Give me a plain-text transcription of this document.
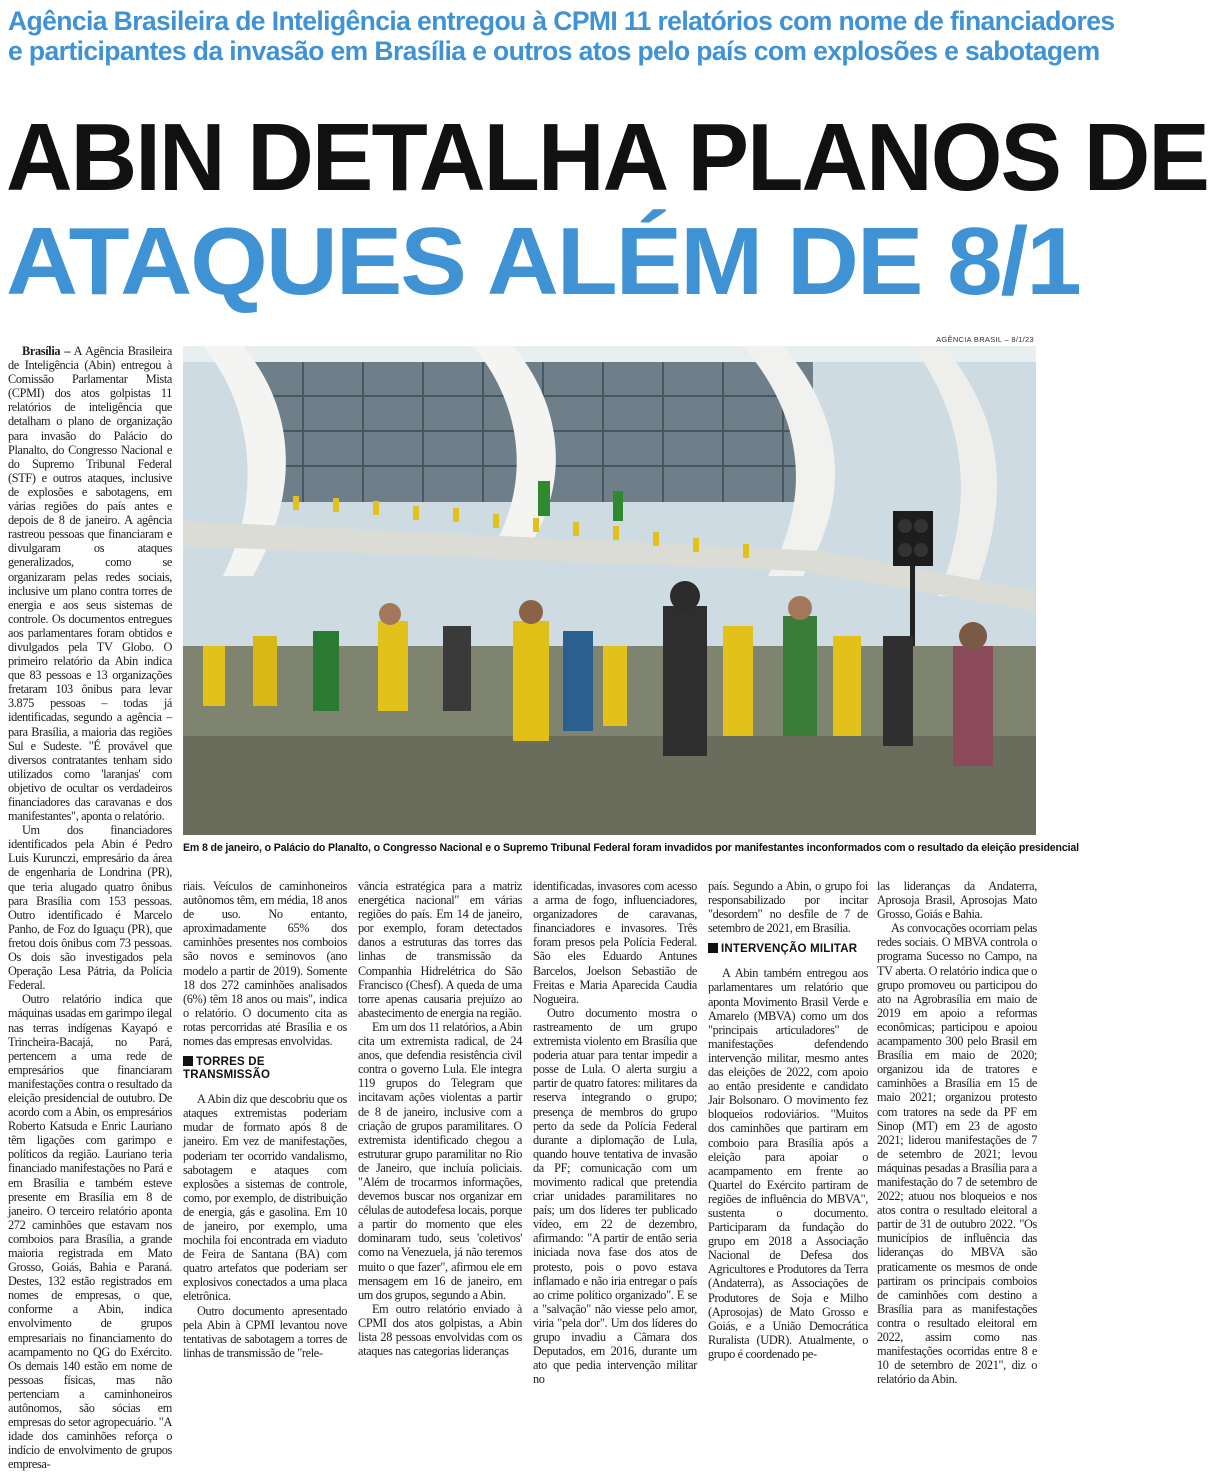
Agência Brasileira de Inteligência entregou à CPMI 11 relatórios com nome de financiadores
e participantes da invasão em Brasília e outros atos pelo país com explosões e sabotagem
ABIN DETALHA PLANOS DE
ATAQUES ALÉM DE 8/1
AGÊNCIA BRASIL – 8/1/23
Em 8 de janeiro, o Palácio do Planalto, o Congresso Nacional e o Supremo Tribunal Federal foram invadidos por manifestantes inconformados com o resultado da eleição presidencial

Brasília – A Agência Brasileira de Inteligência (Abin) entregou à Comissão Parlamentar Mista (CPMI) dos atos golpistas 11 relatórios de inteligência que detalham o plano de organização para invasão do Palácio do Planalto, do Congresso Nacional e do Supremo Tribunal Federal (STF) e outros ataques, inclusive de explosões e sabotagens, em várias regiões do país antes e depois de 8 de janeiro. A agência rastreou pessoas que financiaram e divulgaram os ataques generalizados, como se organizaram pelas redes sociais, inclusive um plano contra torres de energia e aos seus sistemas de controle. Os documentos entregues aos parlamentares foram obtidos e divulgados pela TV Globo. O primeiro relatório da Abin indica que 83 pessoas e 13 organizações fretaram 103 ônibus para levar 3.875 pessoas – todas já identificadas, segundo a agência – para Brasília, a maioria das regiões Sul e Sudeste. "É provável que diversos contratantes tenham sido utilizados como 'laranjas' com objetivo de ocultar os verdadeiros financiadores das caravanas e dos manifestantes", aponta o relatório.

Um dos financiadores identificados pela Abin é Pedro Luis Kurunczi, empresário da área de engenharia de Londrina (PR), que teria alugado quatro ônibus para Brasília com 153 pessoas. Outro identificado é Marcelo Panho, de Foz do Iguaçu (PR), que fretou dois ônibus com 73 pessoas. Os dois são investigados pela Operação Lesa Pátria, da Polícia Federal.

Outro relatório indica que máquinas usadas em garimpo ilegal nas terras indígenas Kayapó e Trincheira-Bacajá, no Pará, pertencem a uma rede de empresários que financiaram manifestações contra o resultado da eleição presidencial de outubro. De acordo com a Abin, os empresários Roberto Katsuda e Enric Lauriano têm ligações com garimpo e políticos da região. Lauriano teria financiado manifestações no Pará e em Brasília e também esteve presente em Brasília em 8 de janeiro. O terceiro relatório aponta 272 caminhões que estavam nos comboios para Brasília, a grande maioria registrada em Mato Grosso, Goiás, Bahia e Paraná. Destes, 132 estão registrados em nomes de empresas, o que, conforme a Abin, indica envolvimento de grupos empresariais no financiamento do acampamento no QG do Exército. Os demais 140 estão em nome de pessoas físicas, mas não pertenciam a caminhoneiros autônomos, são sócias em empresas do setor agropecuário. "A idade dos caminhões reforça o indício de envolvimento de grupos empresa-

riais. Veículos de caminhoneiros autônomos têm, em média, 18 anos de uso. No entanto, aproximadamente 65% dos caminhões presentes nos comboios são novos e seminovos (ano modelo a partir de 2019). Somente 18 dos 272 caminhões analisados (6%) têm 18 anos ou mais", indica o relatório. O documento cita as rotas percorridas até Brasília e os nomes das empresas envolvidas.

TORRES DE TRANSMISSÃO

A Abin diz que descobriu que os ataques extremistas poderiam mudar de formato após 8 de janeiro. Em vez de manifestações, poderiam ter ocorrido vandalismo, sabotagem e ataques com explosões a sistemas de controle, como, por exemplo, de distribuição de energia, gás e gasolina. Em 10 de janeiro, por exemplo, uma mochila foi encontrada em viaduto de Feira de Santana (BA) com quatro artefatos que poderiam ser explosivos conectados a uma placa eletrônica.

Outro documento apresentado pela Abin à CPMI levantou nove tentativas de sabotagem a torres de linhas de transmissão de "rele-

vância estratégica para a matriz energética nacional" em várias regiões do país. Em 14 de janeiro, por exemplo, foram detectados danos a estruturas das torres das linhas de transmissão da Companhia Hidrelétrica do São Francisco (Chesf). A queda de uma torre apenas causaria prejuízo ao abastecimento de energia na região.

Em um dos 11 relatórios, a Abin cita um extremista radical, de 24 anos, que defendia resistência civil contra o governo Lula. Ele integra 119 grupos do Telegram que incitavam ações violentas a partir de 8 de janeiro, inclusive com a criação de grupos paramilitares. O extremista identificado chegou a estruturar grupo paramilitar no Rio de Janeiro, que incluía policiais. "Além de trocarmos informações, devemos buscar nos organizar em células de autodefesa locais, porque a partir do momento que eles dominaram tudo, seus 'coletivos' como na Venezuela, já não teremos muito o que fazer", afirmou ele em mensagem em 16 de janeiro, em um dos grupos, segundo a Abin.

Em outro relatório enviado à CPMI dos atos golpistas, a Abin lista 28 pessoas envolvidas com os ataques nas categorias lideranças

identificadas, invasores com acesso a arma de fogo, influenciadores, organizadores de caravanas, financiadores e invasores. Três foram presos pela Polícia Federal. São eles Eduardo Antunes Barcelos, Joelson Sebastião de Freitas e Maria Aparecida Caudia Nogueira.

Outro documento mostra o rastreamento de um grupo extremista violento em Brasília que poderia atuar para tentar impedir a posse de Lula. O alerta surgiu a partir de quatro fatores: militares da reserva integrando o grupo; presença de membros do grupo perto da sede da Polícia Federal durante a diplomação de Lula, quando houve tentativa de invasão da PF; comunicação com um movimento radical que pretendia criar unidades paramilitares no país; um dos líderes ter publicado vídeo, em 22 de dezembro, afirmando: "A partir de então seria iniciada nova fase dos atos de protesto, pois o povo estava inflamado e não iria entregar o país ao crime político organizado". E se a "salvação" não viesse pelo amor, viria "pela dor". Um dos líderes do grupo invadiu a Câmara dos Deputados, em 2016, durante um ato que pedia intervenção militar no

país. Segundo a Abin, o grupo foi responsabilizado por incitar "desordem" no desfile de 7 de setembro de 2021, em Brasília.

INTERVENÇÃO MILITAR

A Abin também entregou aos parlamentares um relatório que aponta Movimento Brasil Verde e Amarelo (MBVA) como um dos "principais articuladores" de manifestações defendendo intervenção militar, mesmo antes das eleições de 2022, com apoio ao então presidente e candidato Jair Bolsonaro. O movimento fez bloqueios rodoviários. "Muitos dos caminhões que partiram em comboio para Brasília após a eleição para apoiar o acampamento em frente ao Quartel do Exército partiram de regiões de influência do MBVA", sustenta o documento. Participaram da fundação do grupo em 2018 a Associação Nacional de Defesa dos Agricultores e Produtores da Terra (Andaterra), as Associações de Produtores de Soja e Milho (Aprosojas) de Mato Grosso e Goiás, e a União Democrática Ruralista (UDR). Atualmente, o grupo é coordenado pe-

las lideranças da Andaterra, Aprosoja Brasil, Aprosojas Mato Grosso, Goiás e Bahia.

As convocações ocorriam pelas redes sociais. O MBVA controla o programa Sucesso no Campo, na TV aberta. O relatório indica que o grupo promoveu ou participou do ato na Agrobrasília em maio de 2019 em apoio a reformas econômicas; participou e apoiou acampamento 300 pelo Brasil em Brasília em maio de 2020; organizou ida de tratores e caminhões a Brasília em 15 de maio 2021; organizou protesto com tratores na sede da PF em Sinop (MT) em 23 de agosto 2021; liderou manifestações de 7 de setembro de 2021; levou máquinas pesadas a Brasília para a manifestação do 7 de setembro de 2022; atuou nos bloqueios e nos atos contra o resultado eleitoral a partir de 31 de outubro 2022. "Os municípios de influência das lideranças do MBVA são praticamente os mesmos de onde partiram os principais comboios de caminhões com destino a Brasília para as manifestações contra o resultado eleitoral em 2022, assim como nas manifestações ocorridas entre 8 e 10 de setembro de 2021", diz o relatório da Abin.
